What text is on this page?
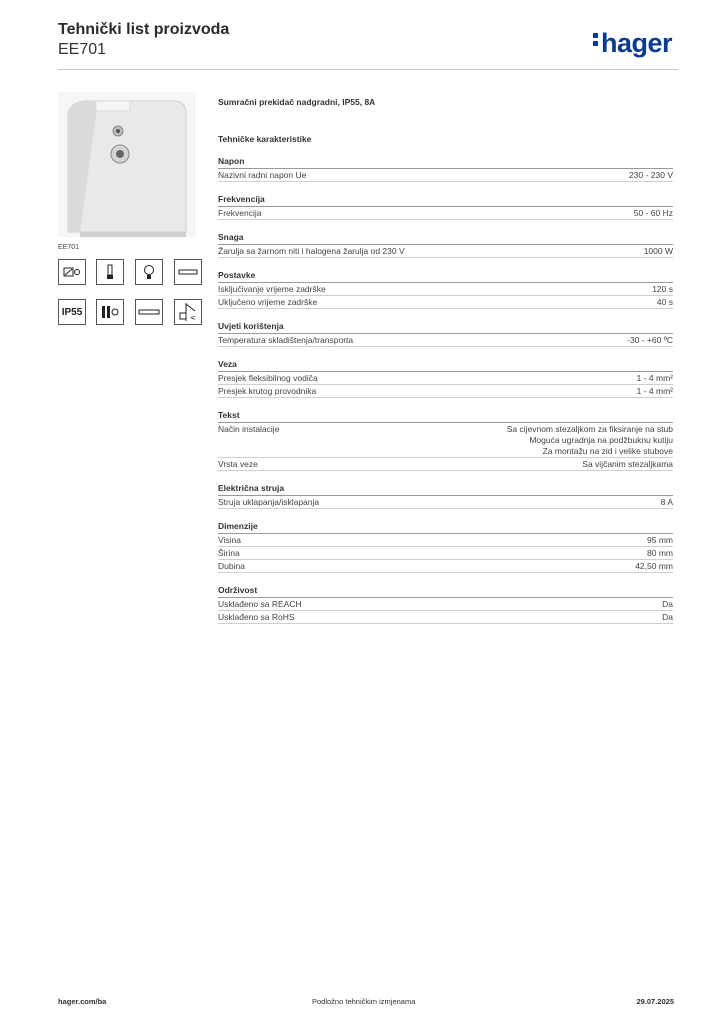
Tehnički list proizvoda
EE701	hager
EE701
IP55
<
Sumračni prekidač nadgradni, IP55, 8A
Tehničke karakteristike
Napon
Nazivni radni napon Ue	230 - 230 V
Frekvencija
Frekvencija	50 - 60 Hz
Snaga
Žarulja sa žarnom niti i halogena žarulja od 230 V	1000 W
Postavke
Isključivanje vrijeme zadrške	120 s
Uključeno vrijeme zadrške	40 s
Uvjeti korištenja
Temperatura skladištenja/transporta	-30 - +60 ºC
Veza
Presjek fleksibilnog vodiča	1 - 4 mm²
Presjek krutog provodnika	1 - 4 mm²
Tekst
Način instalacije	Sa cijevnom stezaljkom za fiksiranje na stub
Moguća ugradnja na podžbuknu kutiju
Za montažu na zid i velike stubove
Vrsta veze	Sa vijčanim stezaljkama
Električna struja
Struja uklapanja/isklapanja	8 A
Dimenzije
Visina	95 mm
Širina	80 mm
Dubina	42,50 mm
Održivost
Usklađeno sa REACH	Da
Usklađeno sa RoHS	Da
hager.com/ba	Podložno tehničkim izmjenama	29.07.2025
